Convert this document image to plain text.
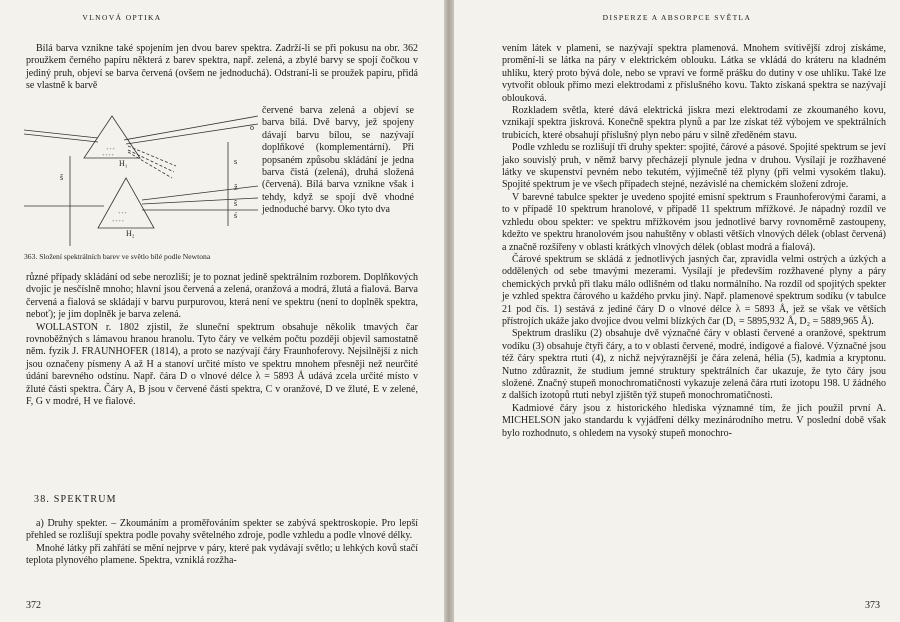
VLNOVÁ OPTIKA

Bílá barva vznikne také spojením jen dvou barev spektra. Zadrží-li se při pokusu na obr. 362 proužkem černého papíru některá z barev spektra, např. zelená, a zbylé barvy se spojí čočkou v jediný pruh, objeví se barva červená (ovšem ne jednoduchá). Odstraní-li se proužek papíru, přidá se vlastně k barvě

+ + +
+ + + +
+ + +
+ + + +
H₁
H₂
o
s
š
ž
ŝ
ś
363. Složení spektrálních barev ve světlo bílé podle Newtona

červené barva zelená a objeví se barva bílá. Dvě barvy, jež spojeny dávají barvu bílou, se nazývají doplňkové (komplementární). Při popsaném způsobu skládání je jedna barva čistá (zelená), druhá složená (červená). Bílá barva vznikne však i tehdy, když se spojí dvě vhodné jednoduché barvy. Oko tyto dva

různé případy skládání od sebe nerozliší; je to poznat jedině spektrálním rozborem. Doplňkových dvojic je nesčíslně mnoho; hlavní jsou červená a zelená, oranžová a modrá, žlutá a fialová. Barva červená a fialová se skládají v barvu purpurovou, která není ve spektru (není to doplněk spektra, neboť); je jím doplněk je barva zelená.

WOLLASTON r. 1802 zjistil, že sluneční spektrum obsahuje několik tmavých čar rovnoběžných s lámavou hranou hranolu. Tyto čáry ve velkém počtu později objevil samostatně něm. fyzik J. FRAUNHOFER (1814), a proto se nazývají čáry Fraunhoferovy. Nejsilnější z nich jsou označeny písmeny A až H a stanoví určité místo ve spektru mnohem přesněji než neurčité údání barevného odstínu. Např. čára D o vlnové délce λ = 5893 Å udává zcela určité místo v žluté části spektra. Čáry A, B jsou v červené části spektra, C v oranžové, D ve žluté, E v zelené, F, G v modré, H ve fialové.

38. SPEKTRUM

a) Druhy spekter. – Zkoumáním a proměřováním spekter se zabývá spektroskopie. Pro lepší přehled se rozlišují spektra podle povahy světelného zdroje, podle vzhledu a podle vlnové délky.

Mnohé látky při zahřátí se mění nejprve v páry, které pak vydávají světlo; u lehkých kovů stačí teplota plynového plamene. Spektra, vzniklá rozžha-

372
DISPERZE A ABSORPCE SVĚTLA

vením látek v plameni, se nazývají spektra plamenová. Mnohem svítivější zdroj získáme, promění-li se látka na páry v elektrickém oblouku. Látka se vkládá do kráteru na kladném uhlíku, který proto bývá dole, nebo se vpraví ve formě prášku do dutiny v ose uhlíku. Také lze vytvořit oblouk přímo mezi elektrodami z příslušného kovu. Takto získaná spektra se nazývají oblouková.

Rozkladem světla, které dává elektrická jiskra mezi elektrodami ze zkoumaného kovu, vznikají spektra jiskrová. Konečně spektra plynů a par lze získat též výbojem ve spektrálních trubicích, které obsahují příslušný plyn nebo páru v silně zředěném stavu.

Podle vzhledu se rozlišují tři druhy spekter: spojité, čárové a pásové. Spojité spektrum se jeví jako souvislý pruh, v němž barvy přecházejí plynule jedna v druhou. Vysílají je rozžhavené látky ve skupenství pevném nebo tekutém, výjimečně též plyny (při velmi vysokém tlaku). Spojité spektrum je ve všech případech stejné, nezávislé na chemickém složení zdroje.

V barevné tabulce spekter je uvedeno spojité emisní spektrum s Fraunhoferovými čarami, a to v případě 10 spektrum hranolové, v případě 11 spektrum mřížkové. Je nápadný rozdíl ve vzhledu obou spekter: ve spektru mřížkovém jsou jednotlivé barvy rovnoměrně zastoupeny, kdežto ve spektru hranolovém jsou nahuštěny v oblasti větších vlnových délek (oblast červená) a značně rozšířeny v oblasti krátkých vlnových délek (oblast modrá a fialová).

Čárové spektrum se skládá z jednotlivých jasných čar, zpravidla velmi ostrých a úzkých a oddělených od sebe tmavými mezerami. Vysílají je především rozžhavené plyny a páry chemických prvků při tlaku málo odlišném od tlaku normálního. Na rozdíl od spojitých spekter je vzhled spektra čárového u každého prvku jiný. Např. plamenové spektrum sodíku (v tabulce 21 pod čís. 1) sestává z jediné čáry D o vlnové délce λ = 5893 Å, jež se však ve větších přístrojích ukáže jako dvojice dvou velmi blízkých čar (D₁ = 5895,932 Å, D₂ = 5889,965 Å).

Spektrum draslíku (2) obsahuje dvě význačné čáry v oblasti červené a oranžové, spektrum vodíku (3) obsahuje čtyři čáry, a to v oblasti červené, modré, indigové a fialové. Význačné jsou též čáry spektra rtuti (4), z nichž nejvýraznější je čára zelená, hélia (5), kadmia a kryptonu. Nutno zdůraznit, že studium jemné struktury spektrálních čar ukazuje, že tyto čáry jsou složené. Značný stupeň monochromatičnosti vykazuje zelená čára rtuti izotopu 198. U žádného z dalších izotopů rtuti nebyl zjištěn týž stupeň monochromatičnosti.

Kadmiové čáry jsou z historického hlediska významné tím, že jich použil první A. MICHELSON jako standardu k vyjádření délky mezinárodního metru. V poslední době však bylo rozhodnuto, s ohledem na vysoký stupeň monochro-

373
